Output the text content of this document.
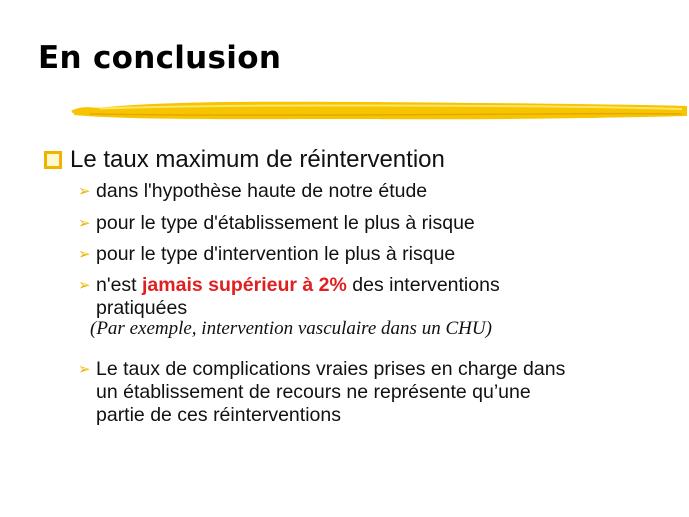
En conclusion
Le taux maximum de réintervention
➢ dans l'hypothèse haute de notre étude
➢ pour le type d'établissement le plus à risque
➢ pour le type d'intervention le plus à risque
➢ n'est jamais supérieur à 2% des interventions
pratiquées
(Par exemple, intervention vasculaire dans un CHU)
➢ Le taux de complications vraies prises en charge dans
un établissement de recours ne représente qu’une
partie de ces réinterventions
